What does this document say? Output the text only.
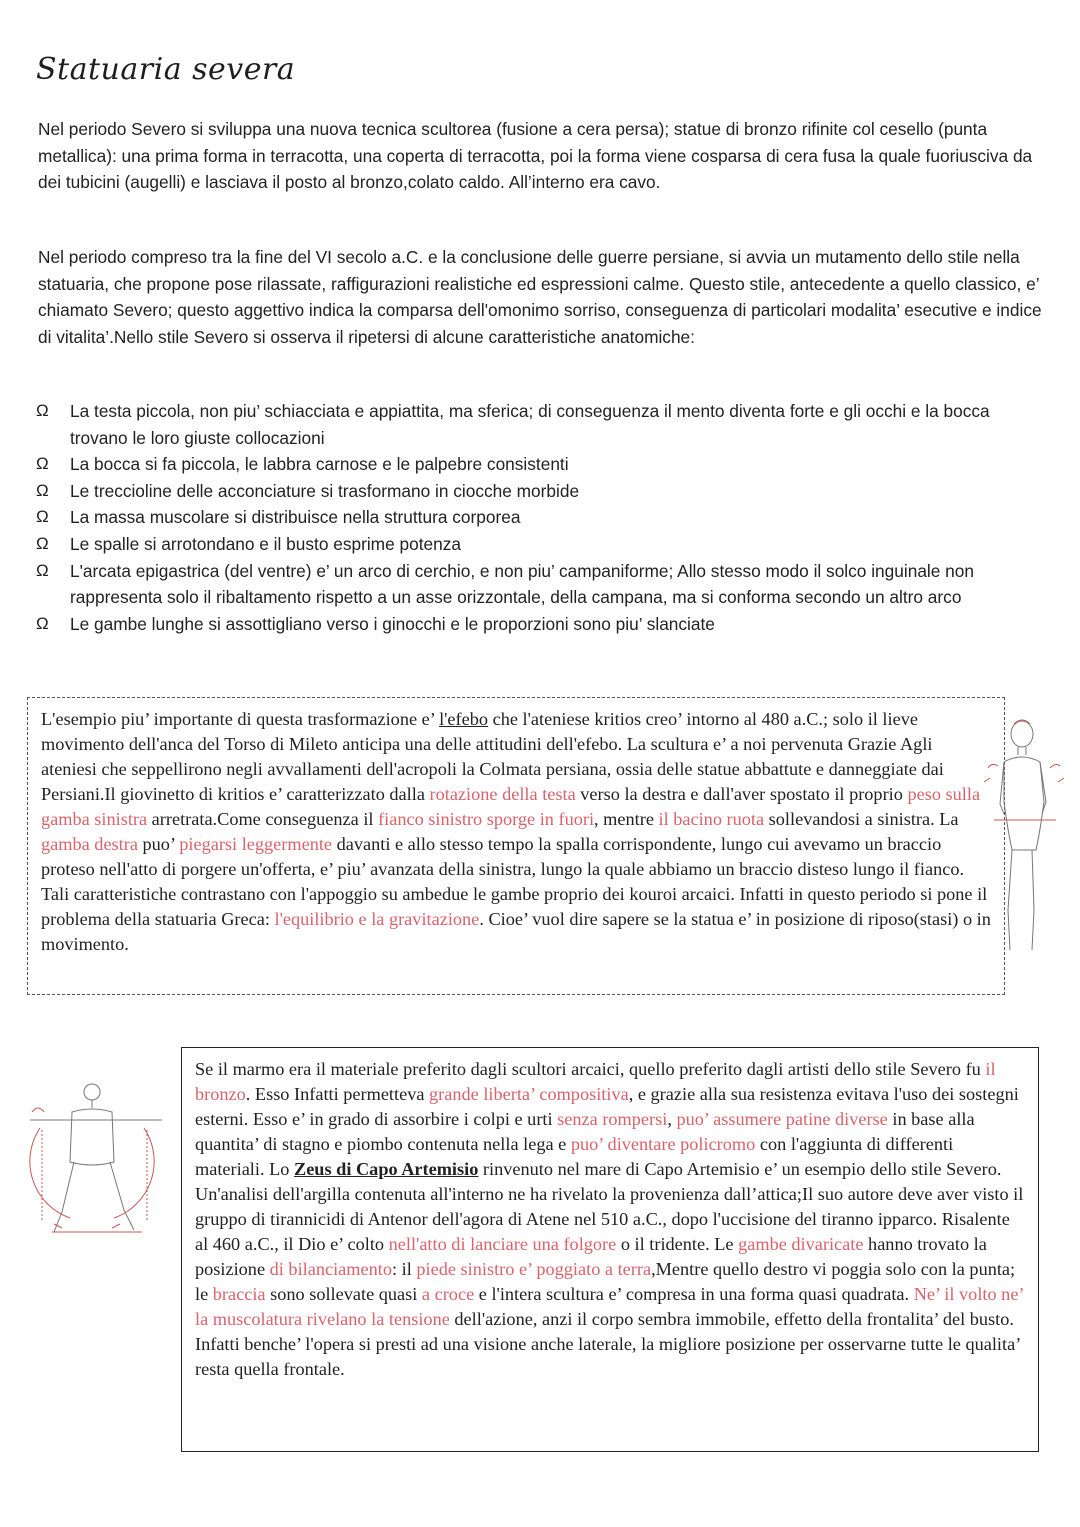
Statuaria severa

Nel periodo Severo si sviluppa una nuova tecnica scultorea (fusione a cera persa); statue di bronzo rifinite col cesello (punta metallica): una prima forma in terracotta, una coperta di terracotta, poi la forma viene cosparsa di cera fusa la quale fuoriusciva da dei tubicini (augelli) e lasciava il posto al bronzo,colato caldo. All’interno era cavo.

Nel periodo compreso tra la fine del VI secolo a.C. e la conclusione delle guerre persiane, si avvia un mutamento dello stile nella statuaria, che propone pose rilassate, raffigurazioni realistiche ed espressioni calme. Questo stile, antecedente a quello classico, e’ chiamato Severo; questo aggettivo indica la comparsa dell'omonimo sorriso, conseguenza di particolari modalita’ esecutive e indice di vitalita’.Nello stile Severo si osserva il ripetersi di alcune caratteristiche anatomiche:

Ω La testa piccola, non piu’ schiacciata e appiattita, ma sferica; di conseguenza il mento diventa forte e gli occhi e la bocca trovano le loro giuste collocazioni
Ω La bocca si fa piccola, le labbra carnose e le palpebre consistenti
Ω Le treccioline delle acconciature si trasformano in ciocche morbide
Ω La massa muscolare si distribuisce nella struttura corporea
Ω Le spalle si arrotondano e il busto esprime potenza
Ω L'arcata epigastrica (del ventre) e’ un arco di cerchio, e non piu’ campaniforme; Allo stesso modo il solco inguinale non rappresenta solo il ribaltamento rispetto a un asse orizzontale, della campana, ma si conforma secondo un altro arco
Ω Le gambe lunghe si assottigliano verso i ginocchi e le proporzioni sono piu’ slanciate

L'esempio piu’ importante di questa trasformazione e’ l'efebo che l'ateniese kritios creo’ intorno al 480 a.C.; solo il lieve movimento dell'anca del Torso di Mileto anticipa una delle attitudini dell'efebo. La scultura e’ a noi pervenuta Grazie Agli ateniesi che seppellirono negli avvallamenti dell'acropoli la Colmata persiana, ossia delle statue abbattute e danneggiate dai Persiani.Il giovinetto di kritios e’ caratterizzato dalla rotazione della testa verso la destra e dall'aver spostato il proprio peso sulla gamba sinistra arretrata.Come conseguenza il fianco sinistro sporge in fuori, mentre il bacino ruota sollevandosi a sinistra. La gamba destra puo’ piegarsi leggermente davanti e allo stesso tempo la spalla corrispondente, lungo cui avevamo un braccio proteso nell'atto di porgere un'offerta, e’ piu’ avanzata della sinistra, lungo la quale abbiamo un braccio disteso lungo il fianco. Tali caratteristiche contrastano con l'appoggio su ambedue le gambe proprio dei kouroi arcaici. Infatti in questo periodo si pone il problema della statuaria Greca: l'equilibrio e la gravitazione. Cioe’ vuol dire sapere se la statua e’ in posizione di riposo(stasi) o in movimento.

Se il marmo era il materiale preferito dagli scultori arcaici, quello preferito dagli artisti dello stile Severo fu il bronzo. Esso Infatti permetteva grande liberta’ compositiva, e grazie alla sua resistenza evitava l'uso dei sostegni esterni. Esso e’ in grado di assorbire i colpi e urti senza rompersi, puo’ assumere patine diverse in base alla quantita’ di stagno e piombo contenuta nella lega e puo’ diventare policromo con l'aggiunta di differenti materiali. Lo Zeus di Capo Artemisio rinvenuto nel mare di Capo Artemisio e’ un esempio dello stile Severo. Un'analisi dell'argilla contenuta all'interno ne ha rivelato la provenienza dall’attica;Il suo autore deve aver visto il gruppo di tirannicidi di Antenor dell'agora di Atene nel 510 a.C., dopo l'uccisione del tiranno ipparco. Risalente al 460 a.C., il Dio e’ colto nell'atto di lanciare una folgore o il tridente. Le gambe divaricate hanno trovato la posizione di bilanciamento: il piede sinistro e’ poggiato a terra,Mentre quello destro vi poggia solo con la punta; le braccia sono sollevate quasi a croce e l'intera scultura e’ compresa in una forma quasi quadrata. Ne’ il volto ne’ la muscolatura rivelano la tensione dell'azione, anzi il corpo sembra immobile, effetto della frontalita’ del busto. Infatti benche’ l'opera si presti ad una visione anche laterale, la migliore posizione per osservarne tutte le qualita’ resta quella frontale.
